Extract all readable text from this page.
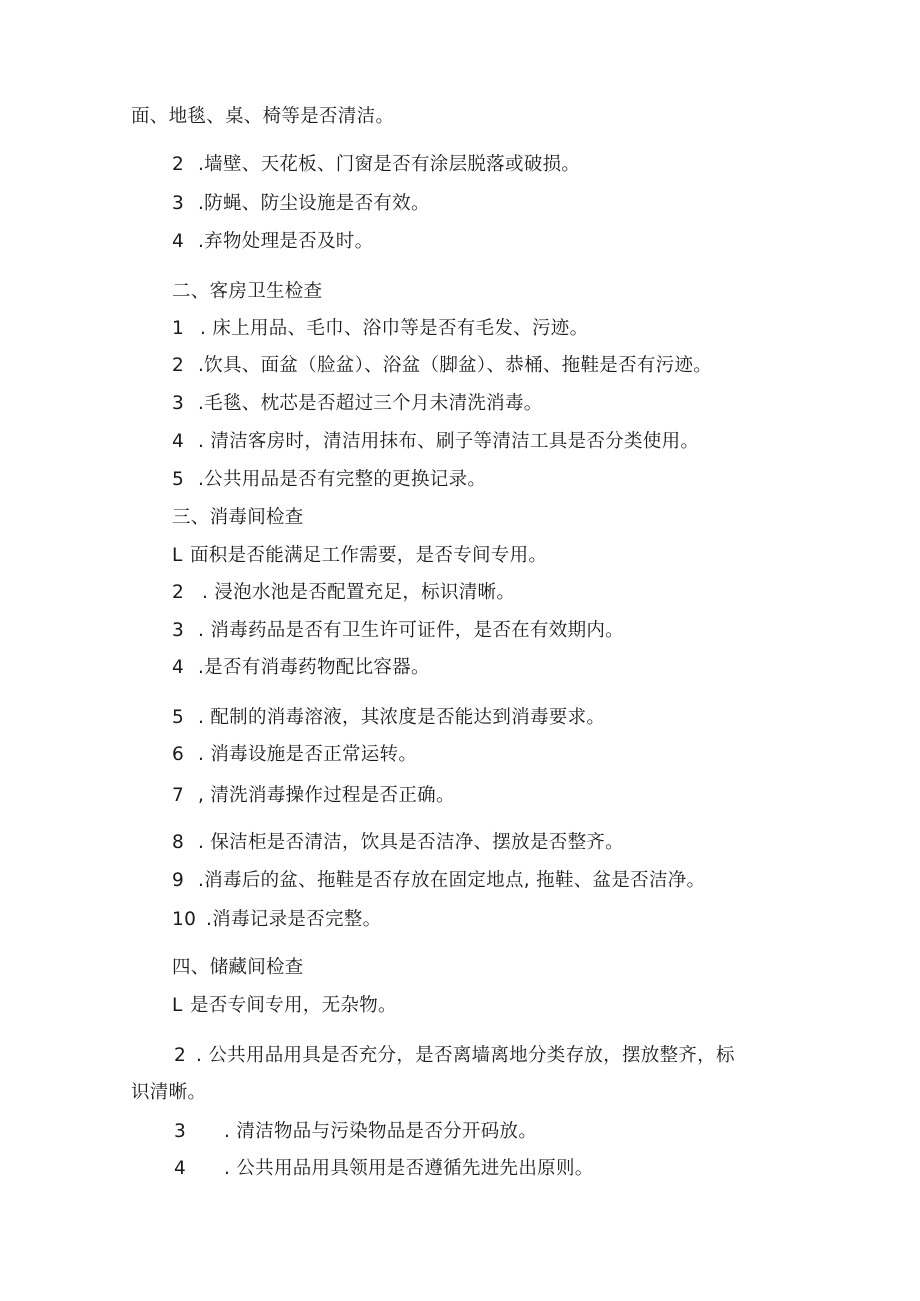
面、地毯、桌、椅等是否清洁。
2 .墙壁、天花板、门窗是否有涂层脱落或破损。
3 .防蝇、防尘设施是否有效。
4 .弃物处理是否及时。
二、客房卫生检查
1 . 床上用品、毛巾、浴巾等是否有毛发、污迹。
2 .饮具、面盆（脸盆）、浴盆（脚盆）、恭桶、拖鞋是否有污迹。
3 .毛毯、枕芯是否超过三个月未清洗消毒。
4 . 清洁客房时，清洁用抹布、刷子等清洁工具是否分类使用。
5 .公共用品是否有完整的更换记录。
三、消毒间检查
L 面积是否能满足工作需要，是否专间专用。
2 . 浸泡水池是否配置充足，标识清晰。
3 . 消毒药品是否有卫生许可证件，是否在有效期内。
4 .是否有消毒药物配比容器。
5 . 配制的消毒溶液，其浓度是否能达到消毒要求。
6 . 消毒设施是否正常运转。
7 , 清洗消毒操作过程是否正确。
8 . 保洁柜是否清洁，饮具是否洁净、摆放是否整齐。
9 .消毒后的盆、拖鞋是否存放在固定地点, 拖鞋、盆是否洁净。
10 .消毒记录是否完整。
四、储藏间检查
L 是否专间专用，无杂物。
2 . 公共用品用具是否充分，是否离墙离地分类存放，摆放整齐，标
识清晰。
3 . 清洁物品与污染物品是否分开码放。
4 . 公共用品用具领用是否遵循先进先出原则。
